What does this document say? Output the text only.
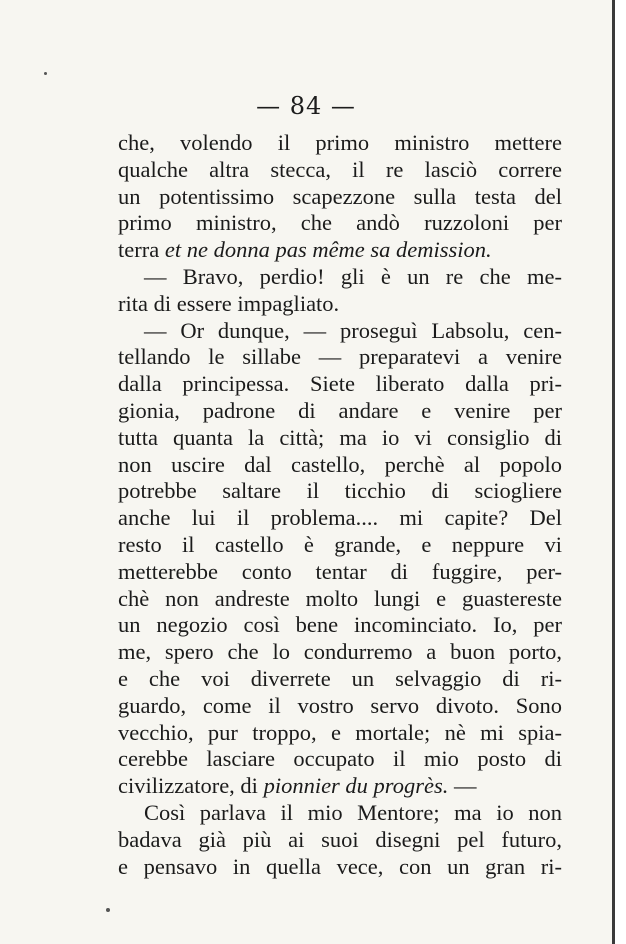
— 84 —
che, volendo il primo ministro mettere
qualche altra stecca, il re lasciò correre
un potentissimo scapezzone sulla testa del
primo ministro, che andò ruzzoloni per
terra et ne donna pas même sa demission.
— Bravo, perdio! gli è un re che me-
rita di essere impagliato.
— Or dunque, — proseguì Labsolu, cen-
tellando le sillabe — preparatevi a venire
dalla principessa. Siete liberato dalla pri-
gionia, padrone di andare e venire per
tutta quanta la città; ma io vi consiglio di
non uscire dal castello, perchè al popolo
potrebbe saltare il ticchio di sciogliere
anche lui il problema.... mi capite? Del
resto il castello è grande, e neppure vi
metterebbe conto tentar di fuggire, per-
chè non andreste molto lungi e guastereste
un negozio così bene incominciato. Io, per
me, spero che lo condurremo a buon porto,
e che voi diverrete un selvaggio di ri-
guardo, come il vostro servo divoto. Sono
vecchio, pur troppo, e mortale; nè mi spia-
cerebbe lasciare occupato il mio posto di
civilizzatore, di pionnier du progrès. —
Così parlava il mio Mentore; ma io non
badava già più ai suoi disegni pel futuro,
e pensavo in quella vece, con un gran ri-
